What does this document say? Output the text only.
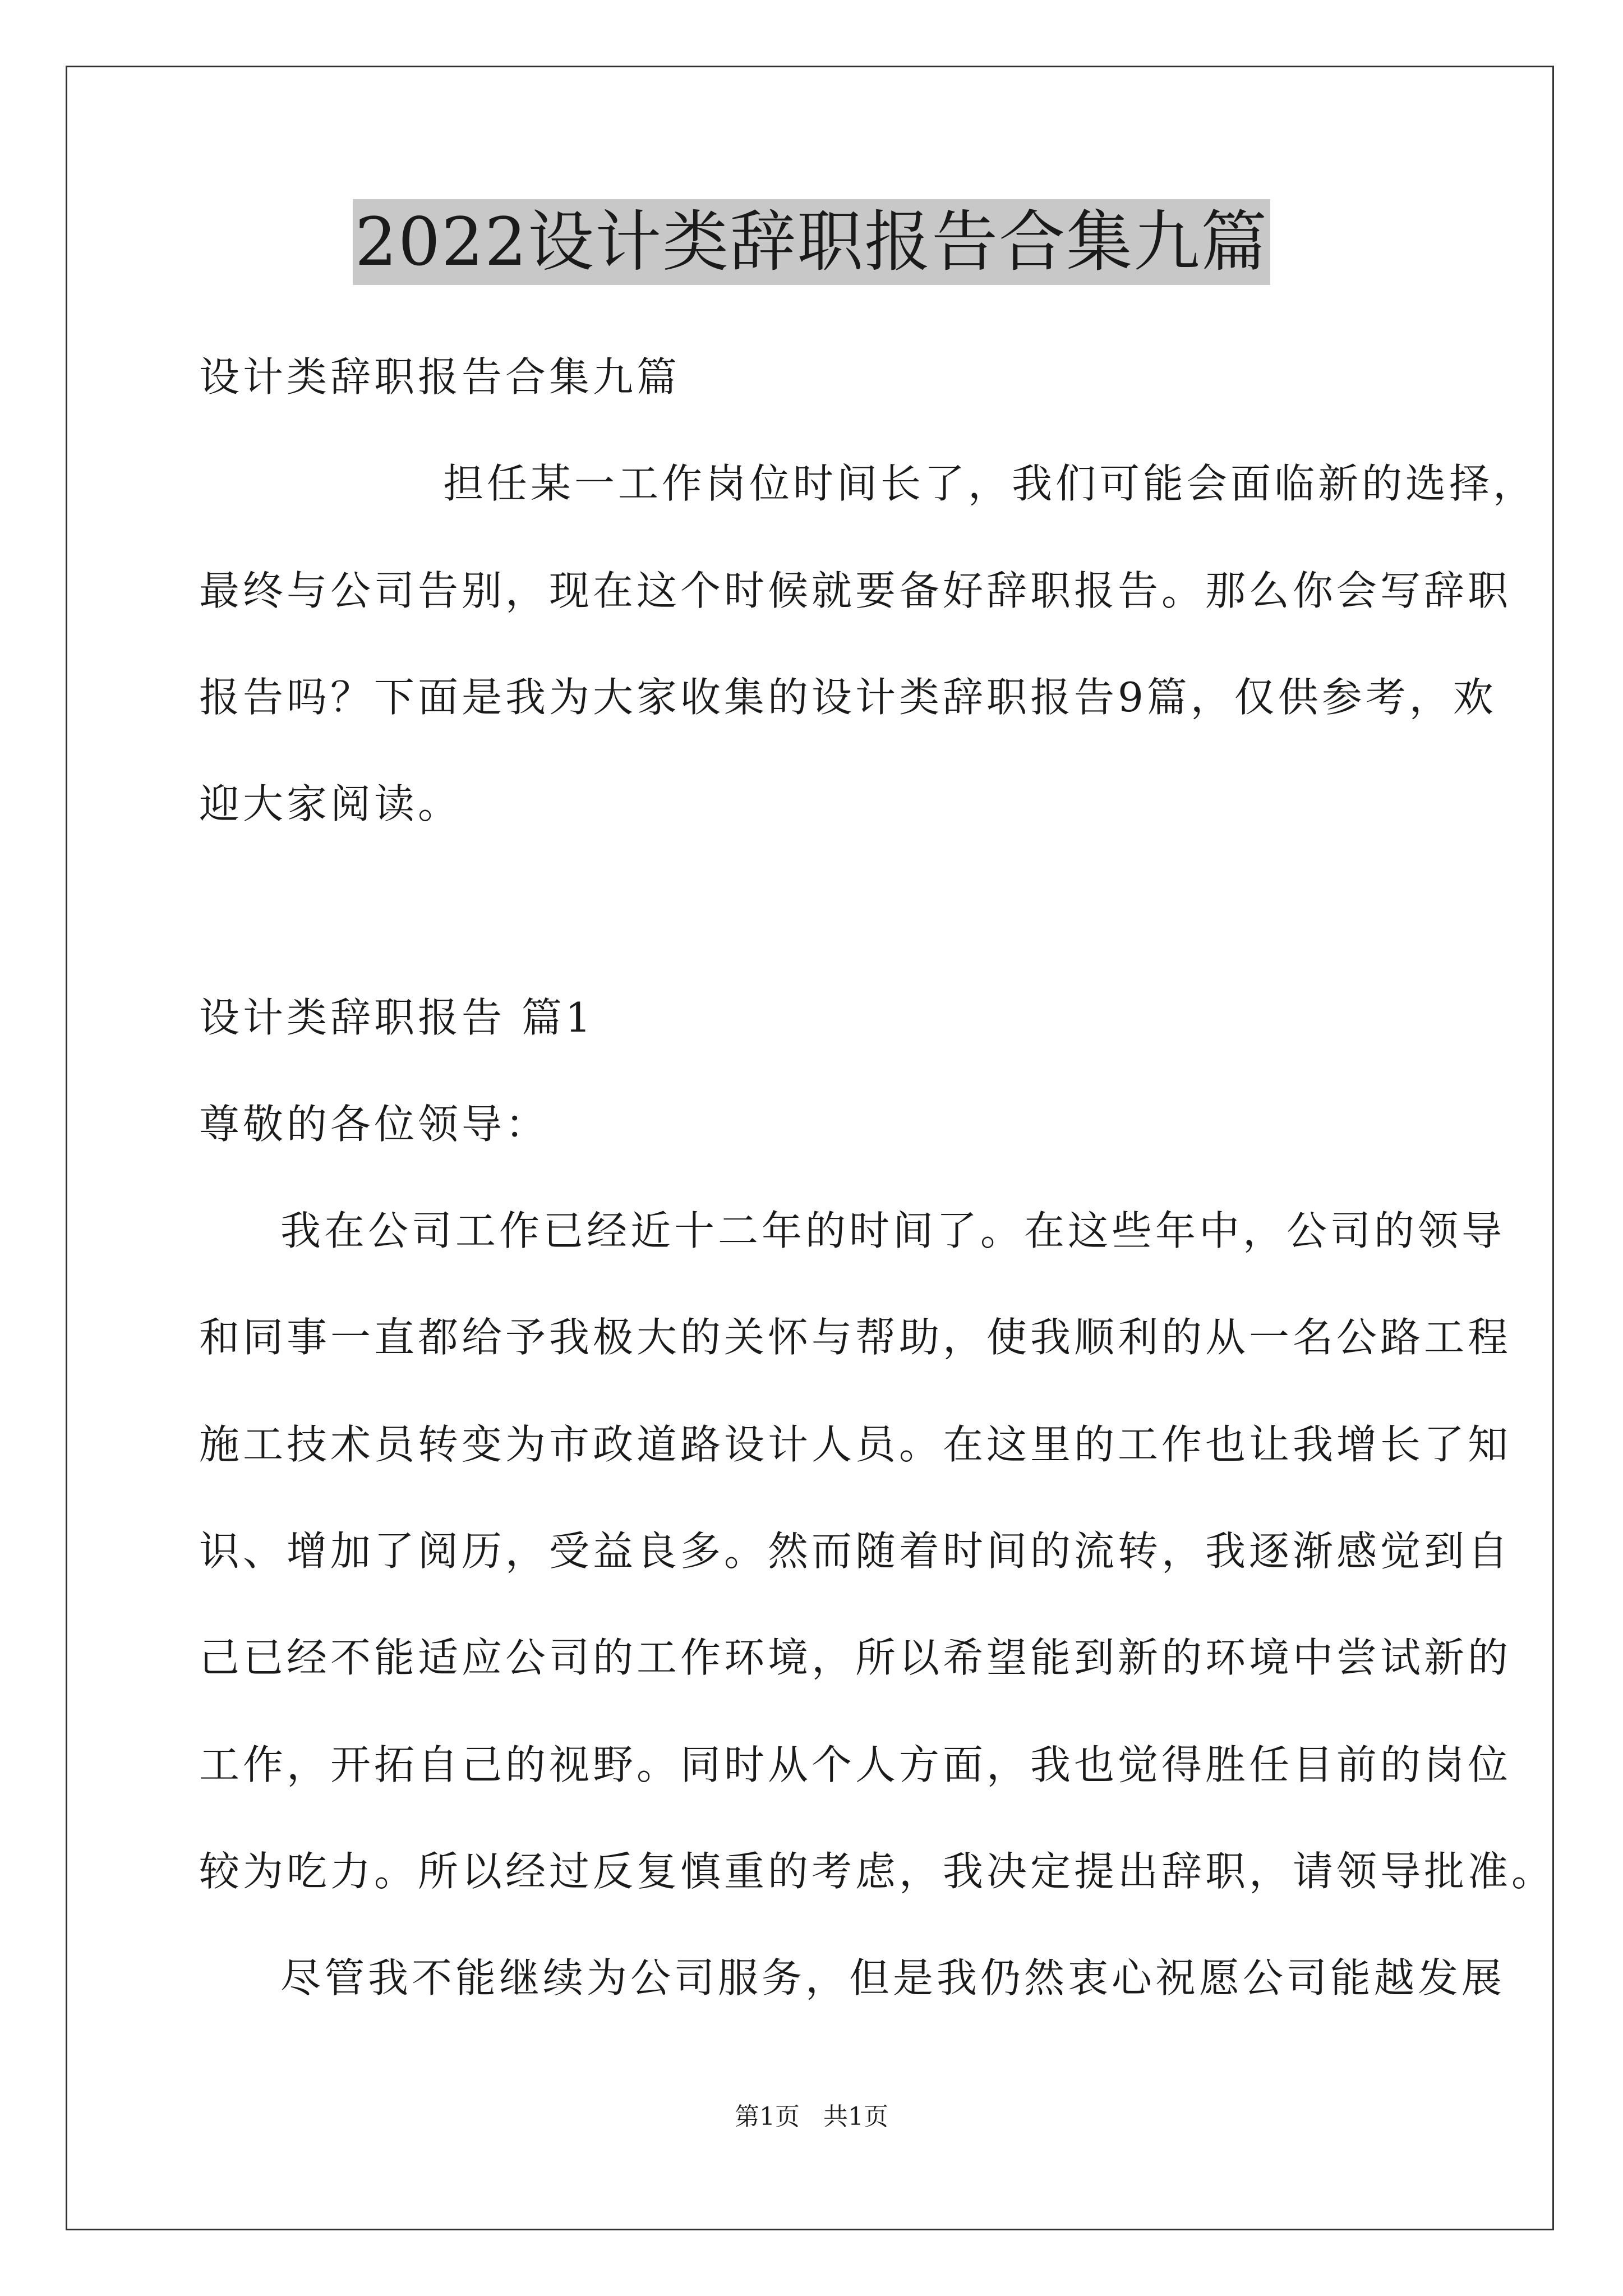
2022设计类辞职报告合集九篇
设计类辞职报告合集九篇
担任某一工作岗位时间长了，我们可能会面临新的选择，
最终与公司告别，现在这个时候就要备好辞职报告。那么你会写辞职
报告吗？下面是我为大家收集的设计类辞职报告9篇，仅供参考，欢
迎大家阅读。
设计类辞职报告 篇1
尊敬的各位领导：
我在公司工作已经近十二年的时间了。在这些年中，公司的领导
和同事一直都给予我极大的关怀与帮助，使我顺利的从一名公路工程
施工技术员转变为市政道路设计人员。在这里的工作也让我增长了知
识、增加了阅历，受益良多。然而随着时间的流转，我逐渐感觉到自
己已经不能适应公司的工作环境，所以希望能到新的环境中尝试新的
工作，开拓自己的视野。同时从个人方面，我也觉得胜任目前的岗位
较为吃力。所以经过反复慎重的考虑，我决定提出辞职，请领导批准。
尽管我不能继续为公司服务，但是我仍然衷心祝愿公司能越发展
第1页 共1页
